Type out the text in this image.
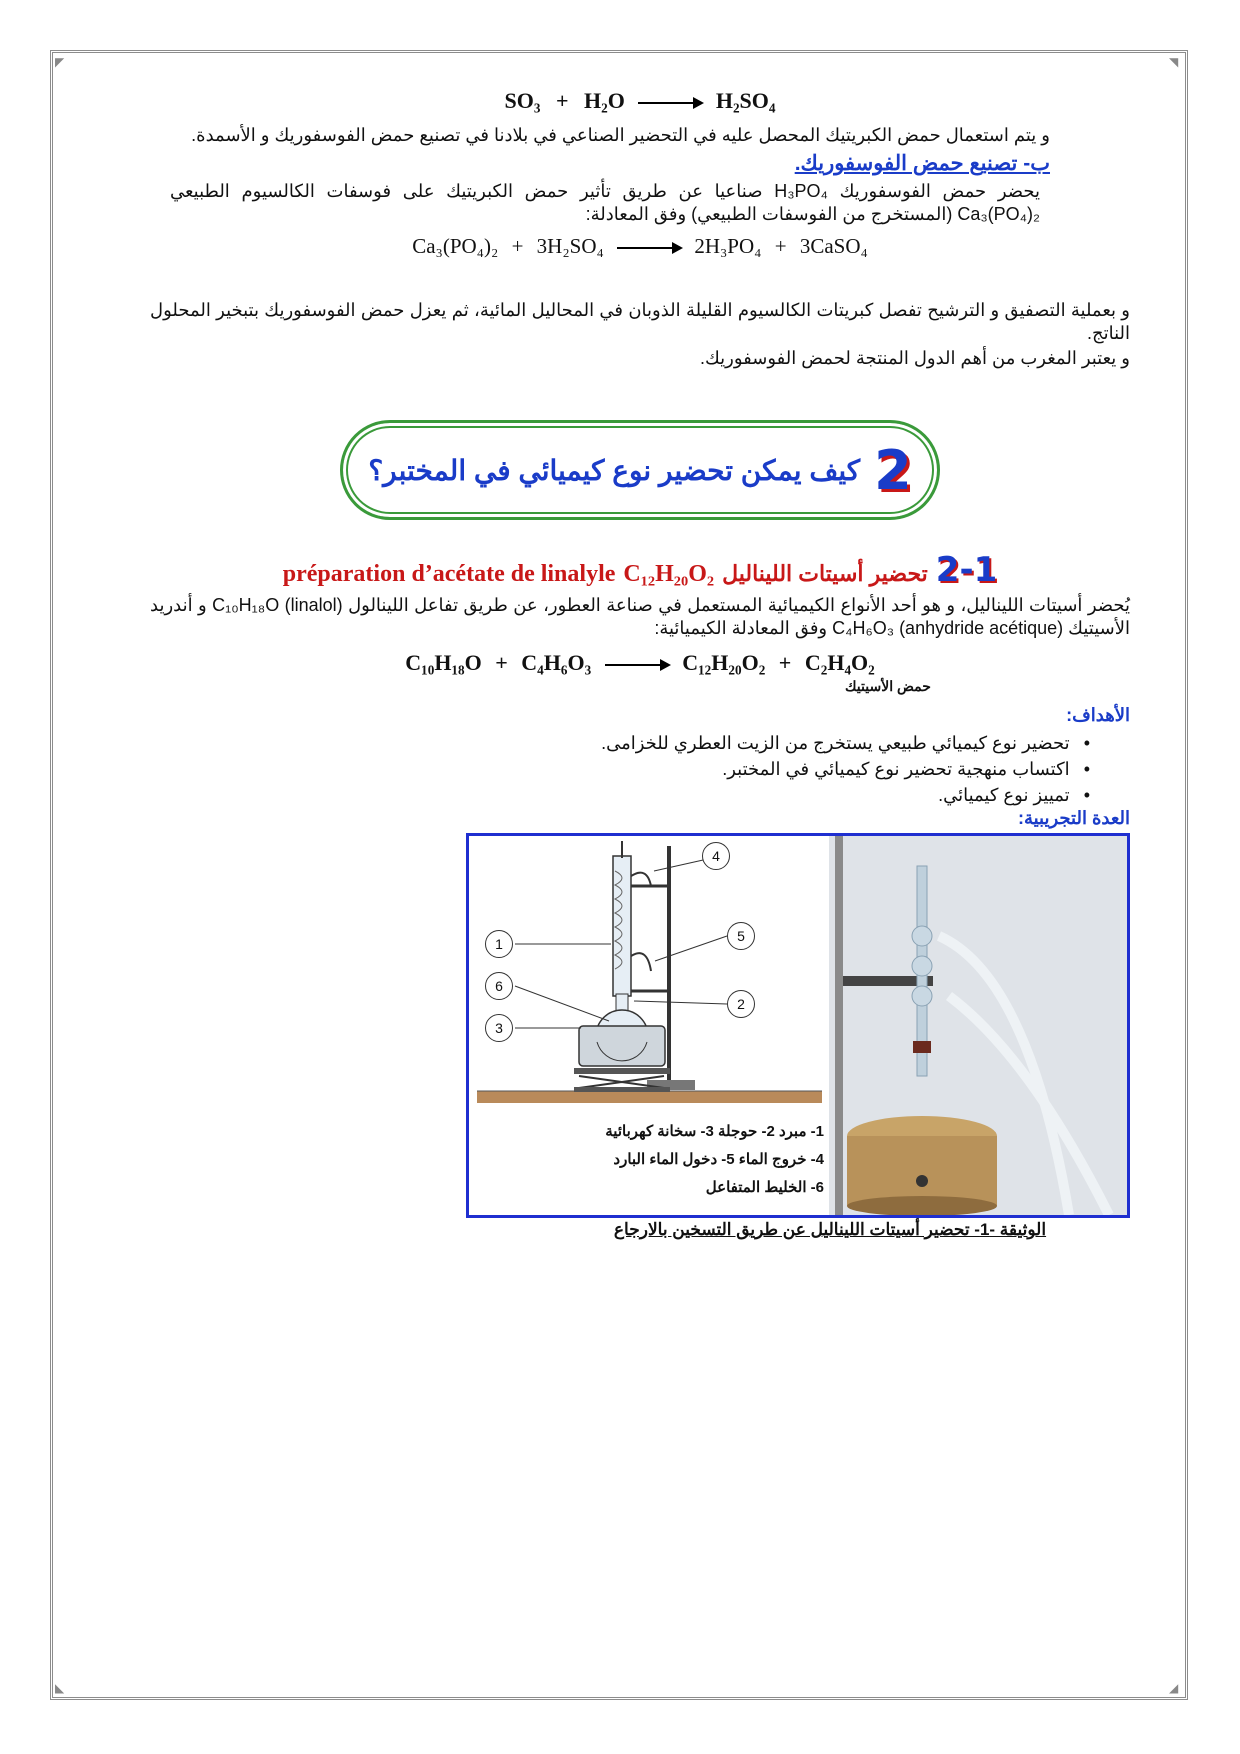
◤	◥
◣	◢
SO₃ + H₂O → H₂SO₄

و يتم استعمال حمض الكبريتيك المحصل عليه في التحضير الصناعي في بلادنا في تصنيع حمض الفوسفوريك و الأسمدة.

ب- تصنيع حمض الفوسفوريك.

يحضر حمض الفوسفوريك H₃PO₄ صناعيا عن طريق تأثير حمض الكبريتيك على فوسفات الكالسيوم الطبيعي Ca₃(PO₄)₂ (المستخرج من الفوسفات الطبيعي) وفق المعادلة:

Ca₃(PO₄)₂ + 3H₂SO₄ → 2H₃PO₄ + 3CaSO₄

و بعملية التصفيق و الترشيح تفصل كبريتات الكالسيوم القليلة الذوبان في المحاليل المائية، ثم يعزل حمض الفوسفوريك بتبخير المحلول الناتج.

و يعتبر المغرب من أهم الدول المنتجة لحمض الفوسفوريك.

2
كيف يمكن تحضير نوع كيميائي في المختبر؟
2-1
تحضير أسيتات الليناليل
C₁₂H₂₀O₂
préparation d’acétate de linalyle

يُحضر أسيتات الليناليل، و هو أحد الأنواع الكيميائية المستعمل في صناعة العطور، عن طريق تفاعل اللينالول C₁₀H₁₈O (linalol) و أندريد الأسيتيك C₄H₆O₃ (anhydride acétique) وفق المعادلة الكيميائية:

C₁₀H₁₈O + C₄H₆O₃ → C₁₂H₂₀O₂ + C₂H₄O₂
حمض الأسيتيك
الأهداف:
• تحضير نوع كيميائي طبيعي يستخرج من الزيت العطري للخزامى.
• اكتساب منهجية تحضير نوع كيميائي في المختبر.
• تمييز نوع كيميائي.
العدة التجريبية:
4
1	5
6
2
3
1- مبرد 2- حوجلة 3- سخانة كهربائية
4- خروج الماء 5- دخول الماء البارد
6- الخليط المتفاعل
الوثيقة -1- تحضير أسيتات الليناليل عن طريق التسخين بالارجاع
